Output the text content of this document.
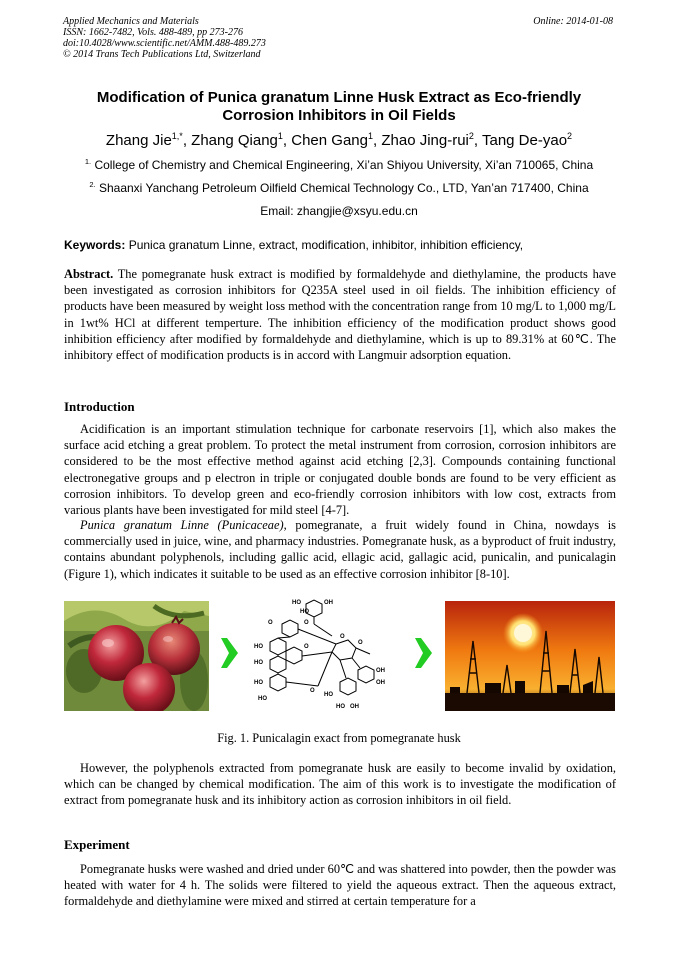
Applied Mechanics and Materials
ISSN: 1662-7482, Vols. 488-489, pp 273-276
doi:10.4028/www.scientific.net/AMM.488-489.273
© 2014 Trans Tech Publications Ltd, Switzerland
Online: 2014-01-08
Modification of Punica granatum Linne Husk Extract as Eco-friendly
Corrosion Inhibitors in Oil Fields
Zhang Jie$^{1,*}$, Zhang Qiang$^1$, Chen Gang$^1$, Zhao Jing-rui$^2$, Tang De-yao$^2$
$^{1.}$ College of Chemistry and Chemical Engineering, Xi’an Shiyou University, Xi’an 710065, China
$^{2.}$ Shaanxi Yanchang Petroleum Oilfield Chemical Technology Co., LTD, Yan’an 717400, China
Email: zhangjie@xsyu.edu.cn
Keywords: Punica granatum Linne, extract, modification, inhibitor, inhibition efficiency,
Abstract. The pomegranate husk extract is modified by formaldehyde and diethylamine, the products have been investigated as corrosion inhibitors for Q235A steel used in oil fields. The inhibition efficiency of products have been measured by weight loss method with the concentration range from 10 mg/L to 1,000 mg/L in 1wt% HCl at different temperture. The inhibition efficiency of the modification product shows good inhibition efficiency after modified by formaldehyde and diethylamine, which is up to 89.31% at 60℃. The inhibitory effect of modification products is in accord with Langmuir adsorption equation.
Introduction
Acidification is an important stimulation technique for carbonate reservoirs [1], which also makes the surface acid etching a great problem. To protect the metal instrument from corrosion, corrosion inhibitors are considered to be the most effective method against acid etching [2,3]. Compounds containing functional electronegative groups and p electron in triple or conjugated double bonds are found to be very efficient as corrosion inhibitors. To develop green and eco-friendly corrosion inhibitors with low cost, extracts from various plants have been investigated for mild steel [4-7].
Punica granatum Linne (Punicaceae), pomegranate, a fruit widely found in China, nowdays is commercially used in juice, wine, and pharmacy industries. Pomegranate husk, as a byproduct of fruit industry, contains abundant polyphenols, including gallic acid, ellagic acid, gallagic acid, punicalin, and punicalagin (Figure 1), which indicates it suitable to be used as an effective corrosion inhibitor [8-10].
HO
HO
OH
O	O
HO
HO
HO
HO
O
O
O
OH
OH
HO
HO OH
O
Fig. 1. Punicalagin exact from pomegranate husk
However, the polyphenols extracted from pomegranate husk are easily to become invalid by oxidation, which can be changed by chemical modification. The aim of this work is to investigate the modification of extract from pomegranate husk and its inhibitory action as corrosion inhibitors in oil field.
Experiment
Pomegranate husks were washed and dried under 60℃ and was shattered into powder, then the powder was heated with water for 4 h. The solids were filtered to yield the aqueous extract. Then the aqueous extract, formaldehyde and diethylamine were mixed and stirred at certain temperature for a
